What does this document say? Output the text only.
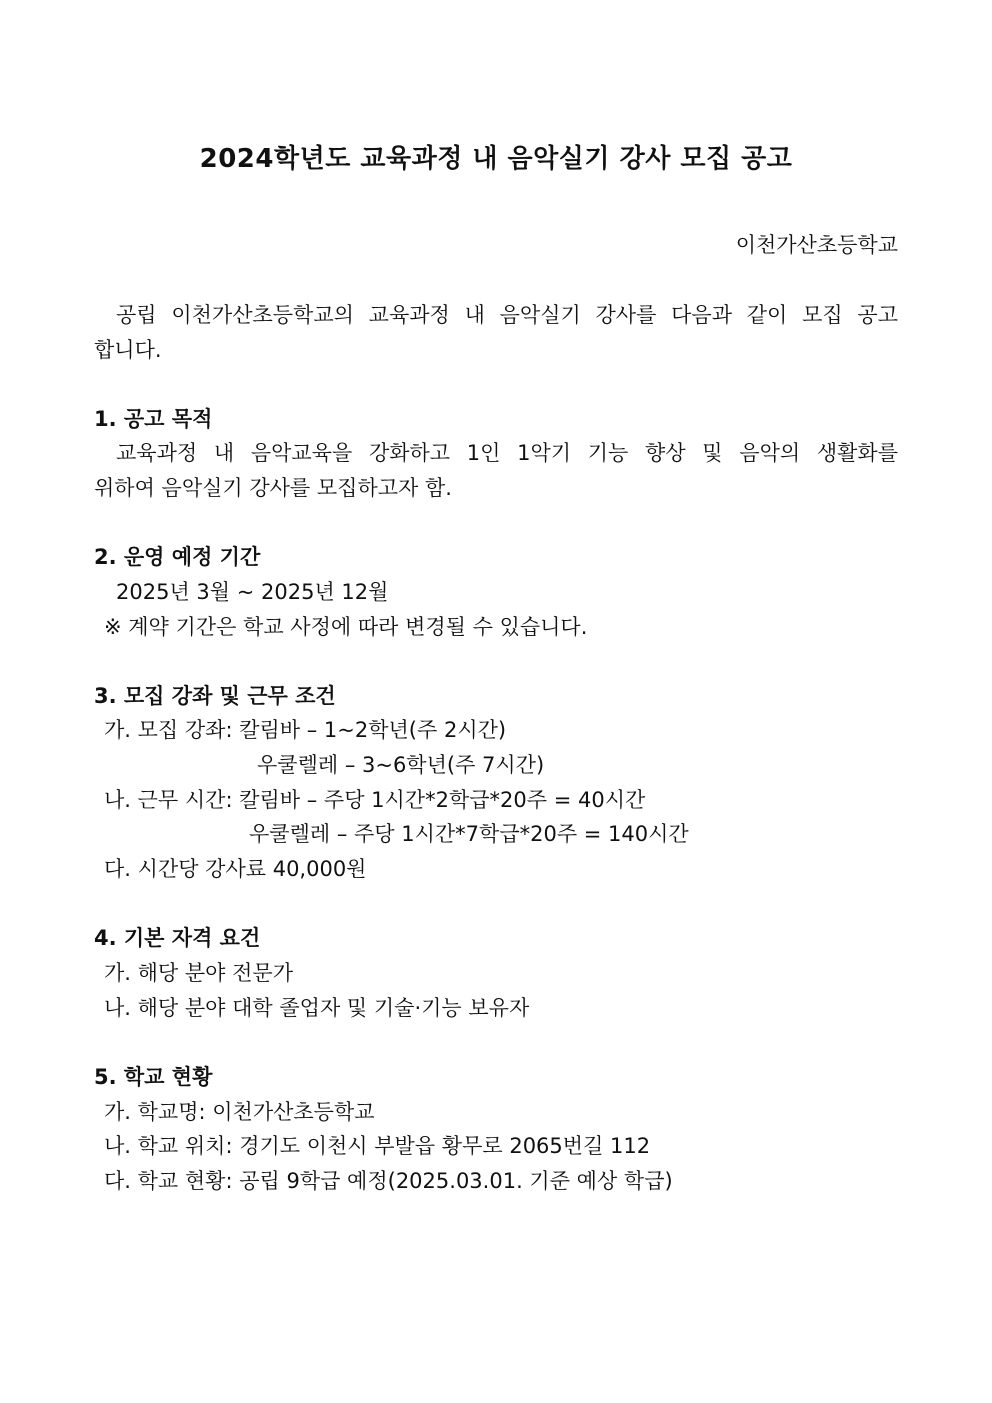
2024학년도 교육과정 내 음악실기 강사 모집 공고
이천가산초등학교
공립 이천가산초등학교의 교육과정 내 음악실기 강사를 다음과 같이 모집 공고
합니다.
1. 공고 목적
교육과정 내 음악교육을 강화하고 1인 1악기 기능 향상 및 음악의 생활화를
위하여 음악실기 강사를 모집하고자 함.
2. 운영 예정 기간
2025년 3월 ~ 2025년 12월
※ 계약 기간은 학교 사정에 따라 변경될 수 있습니다.
3. 모집 강좌 및 근무 조건
가. 모집 강좌: 칼림바 – 1~2학년(주 2시간)
우쿨렐레 – 3~6학년(주 7시간)
나. 근무 시간: 칼림바 – 주당 1시간*2학급*20주 = 40시간
우쿨렐레 – 주당 1시간*7학급*20주 = 140시간
다. 시간당 강사료 40,000원
4. 기본 자격 요건
가. 해당 분야 전문가
나. 해당 분야 대학 졸업자 및 기술·기능 보유자
5. 학교 현황
가. 학교명: 이천가산초등학교
나. 학교 위치: 경기도 이천시 부발읍 황무로 2065번길 112
다. 학교 현황: 공립 9학급 예정(2025.03.01. 기준 예상 학급)
